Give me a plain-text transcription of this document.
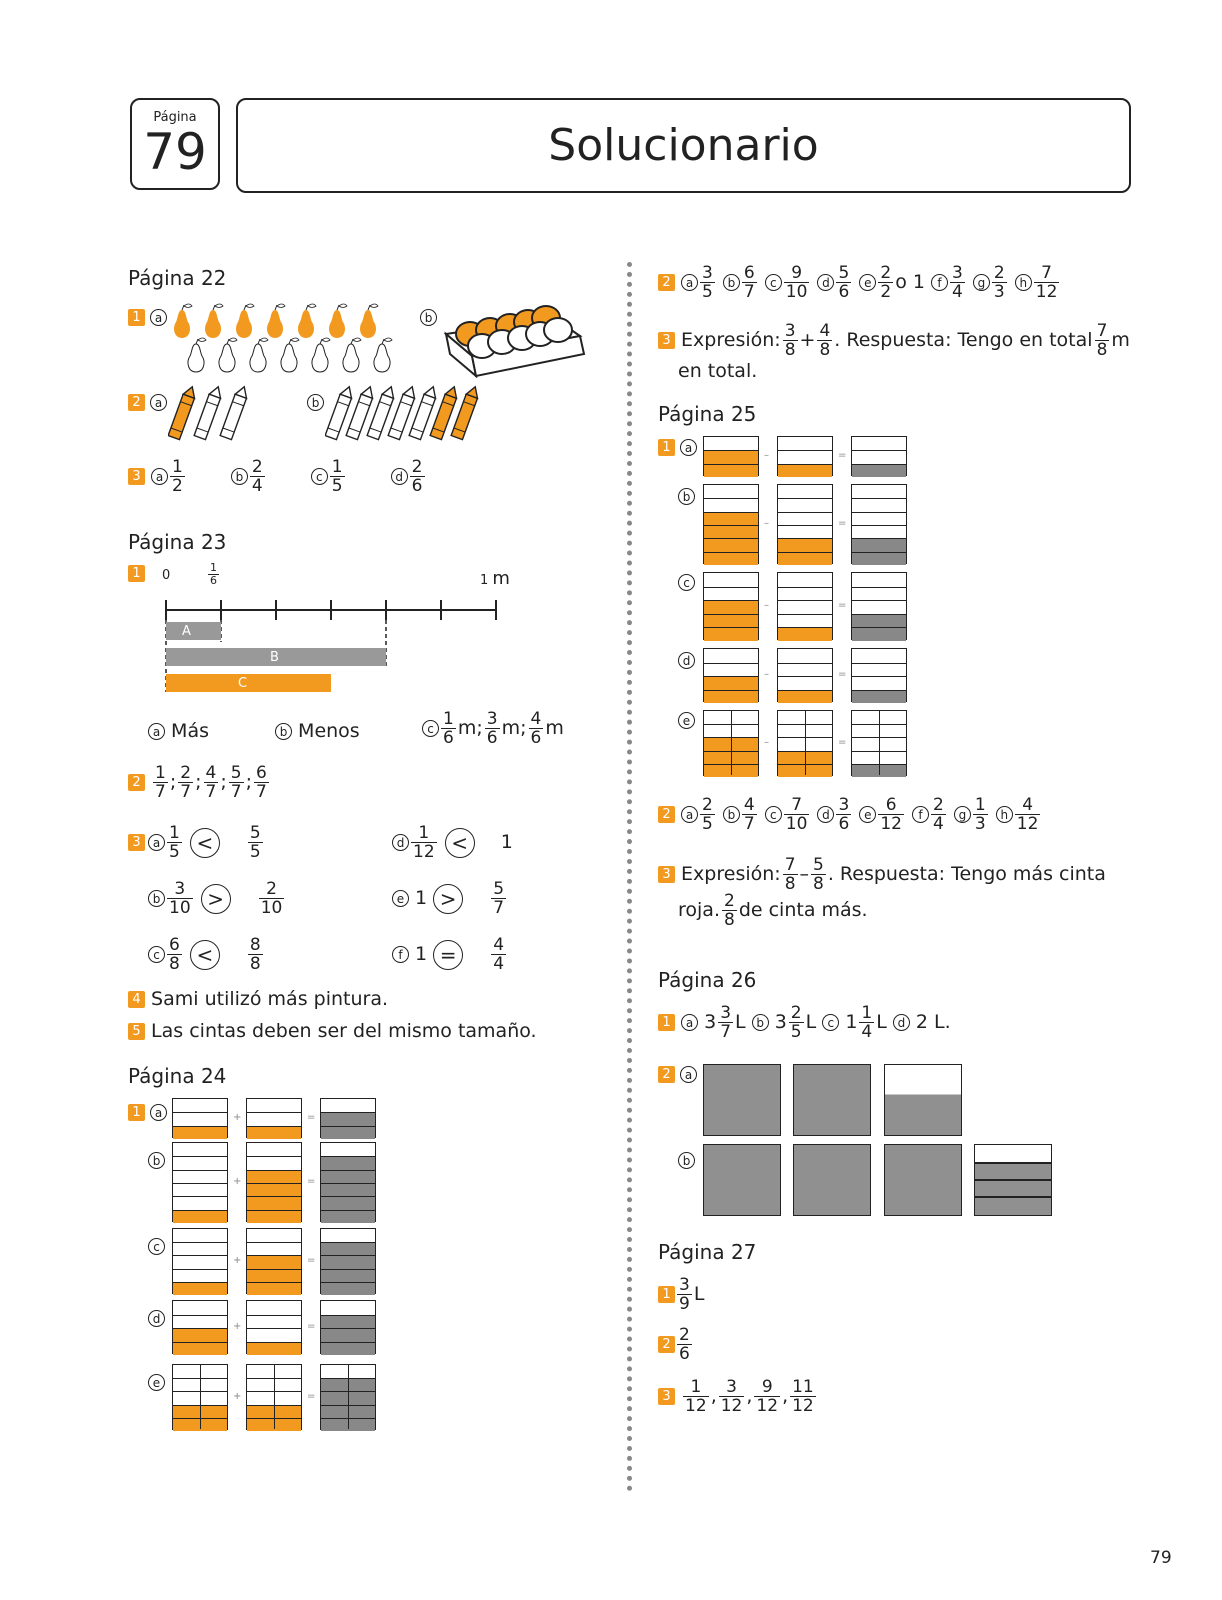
Página
79	Solucionario
Página 22
1 a	b
2 a	b
3 a $\frac{1}{2}$	b $\frac{2}{4}$	c $\frac{1}{5}$	d $\frac{2}{6}$
Página 23
1	0	$\frac{1}{6}$	1 m
A
B
C
a Más	b Menos	c $\frac{1}{6} m$; $\frac{3}{6} m$; $\frac{4}{6}$ m
$2 \frac{1}{7}$ ; $\frac{2}{7}$ ; $\frac{4}{7}$ ; $\frac{5}{7}$ ; $\frac{6}{7}$
3	a $\frac{1}{5} < \frac{5}{5}$
b $\frac{3}{10} > \frac{2}{10}$
c $\frac{6}{8} < \frac{8}{8}$
d $\frac{1}{12} < 1$
e $1 > \frac{5}{7}$
f $1 = \frac{4}{4}$
4 Sami utilizó más pintura.
5 Las cintas deben ser del mismo tamaño.
Página 24
1 a
b
c
d
e
+	=
+	=
+	=
+	=
+	=
2 a $\frac{3}{5}$ b $\frac{6}{7}$ c $\frac{9}{10}$ d $\frac{5}{6}$ e $\frac{2}{2}$ o 1 f $\frac{3}{4}$ g $\frac{2}{3}$ h $\frac{7}{12}$
3 Expresión: $\frac{3}{8} + \frac{4}{8}$ . Respuesta: Tengo en total $\frac{7}{8}$ m
en total.
Página 25
1 a
b
c
d
e
–	=
–	=
–	=
–	=
–	=
2 a $\frac{2}{5}$ b $\frac{4}{7}$ c $\frac{7}{10}$ d $\frac{3}{6}$ e $\frac{6}{12}$ f $\frac{2}{4}$ g $\frac{1}{3}$ h $\frac{4}{12}$
3 Expresión: $\frac{7}{8} - \frac{5}{8}$ . Respuesta: Tengo más cinta
roja. $\frac{2}{8}$ de cinta más.
Página 26
1 a $3 \frac{3}{7}$ L b $3 \frac{2}{5}$ L c $1 \frac{1}{4}$ L d 2 L.
2 a
b
Página 27
$1 \frac{3}{9}$ L
$2 \frac{2}{6}$
$3 \frac{1}{12}$ , $\frac{3}{12}$ , $\frac{9}{12}$ , $\frac{11}{12}$
79
